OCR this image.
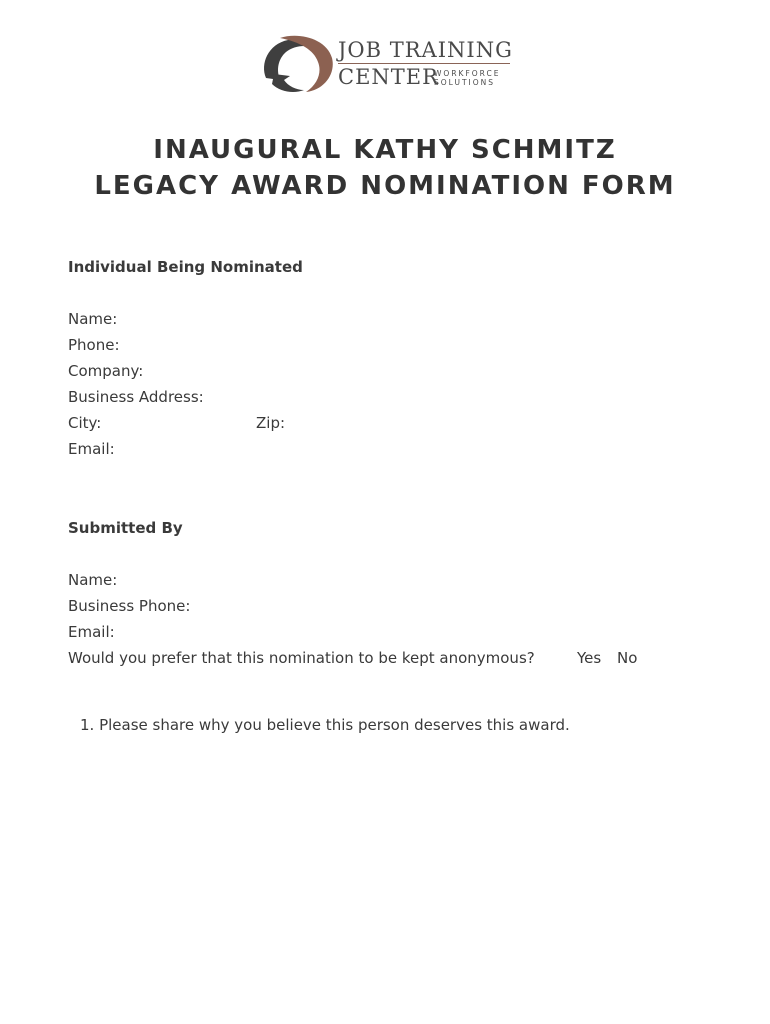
JOB TRAINING
CENTER
WORKFORCE
SOLUTIONS
INAUGURAL KATHY SCHMITZ
LEGACY AWARD NOMINATION FORM
Individual Being Nominated
Name:
Phone:
Company:
Business Address:
City:	Zip:
Email:
Submitted By
Name:
Business Phone:
Email:
Would you prefer that this nomination to be kept anonymous?	Yes No
1. Please share why you believe this person deserves this award.
